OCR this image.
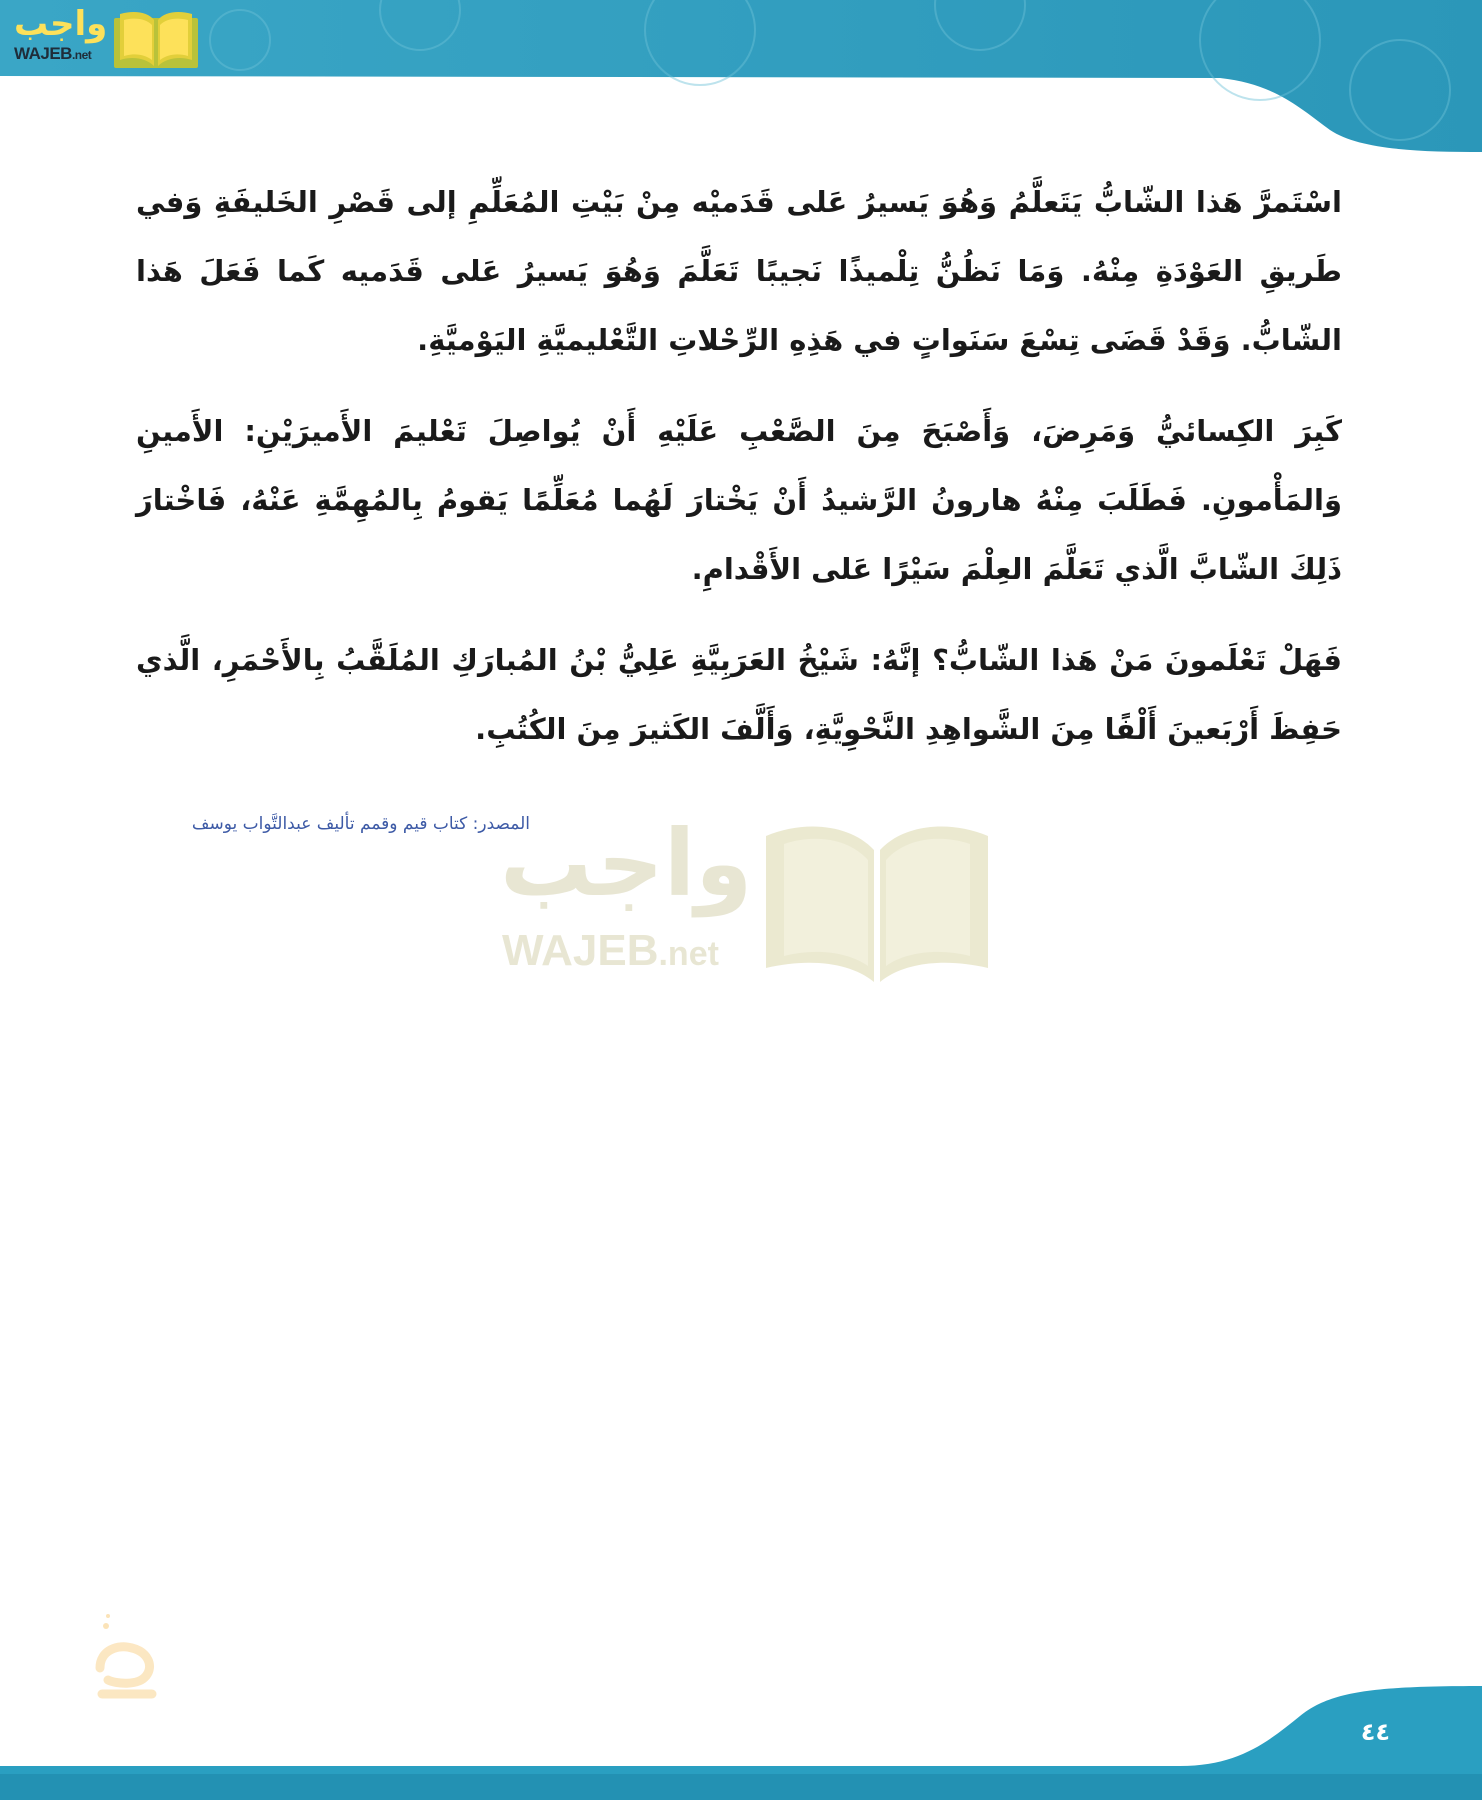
واجب
WAJEB.net

اسْتَمرَّ هَذا الشّابُّ يَتَعلَّمُ وَهُوَ يَسيرُ عَلى قَدَميْه مِنْ بَيْتِ المُعَلِّمِ إلى قَصْرِ الخَليفَةِ وَفي طَريقِ العَوْدَةِ مِنْهُ. وَمَا نَظُنُّ تِلْميذًا نَجيبًا تَعَلَّمَ وَهُوَ يَسيرُ عَلى قَدَميه كَما فَعَلَ هَذا الشّابُّ. وَقَدْ قَضَى تِسْعَ سَنَواتٍ في هَذِهِ الرِّحْلاتِ التَّعْليميَّةِ اليَوْميَّةِ.

كَبِرَ الكِسائيُّ وَمَرِضَ، وَأَصْبَحَ مِنَ الصَّعْبِ عَلَيْهِ أَنْ يُواصِلَ تَعْليمَ الأَميرَيْنِ: الأَمينِ وَالمَأْمونِ. فَطَلَبَ مِنْهُ هارونُ الرَّشيدُ أَنْ يَخْتارَ لَهُما مُعَلِّمًا يَقومُ بِالمُهِمَّةِ عَنْهُ، فَاخْتارَ ذَلِكَ الشّابَّ الَّذي تَعَلَّمَ العِلْمَ سَيْرًا عَلى الأَقْدامِ.

فَهَلْ تَعْلَمونَ مَنْ هَذا الشّابُّ؟ إنَّهُ: شَيْخُ العَرَبِيَّةِ عَلِيُّ بْنُ المُبارَكِ المُلَقَّبُ بِالأَحْمَرِ، الَّذي حَفِظَ أَرْبَعينَ أَلْفًا مِنَ الشَّواهِدِ النَّحْوِيَّةِ، وَأَلَّفَ الكَثيرَ مِنَ الكُتُبِ.

المصدر: كتاب قيم وقمم تأليف عبدالتَّواب يوسف
واجب
WAJEB.net
٤٤
